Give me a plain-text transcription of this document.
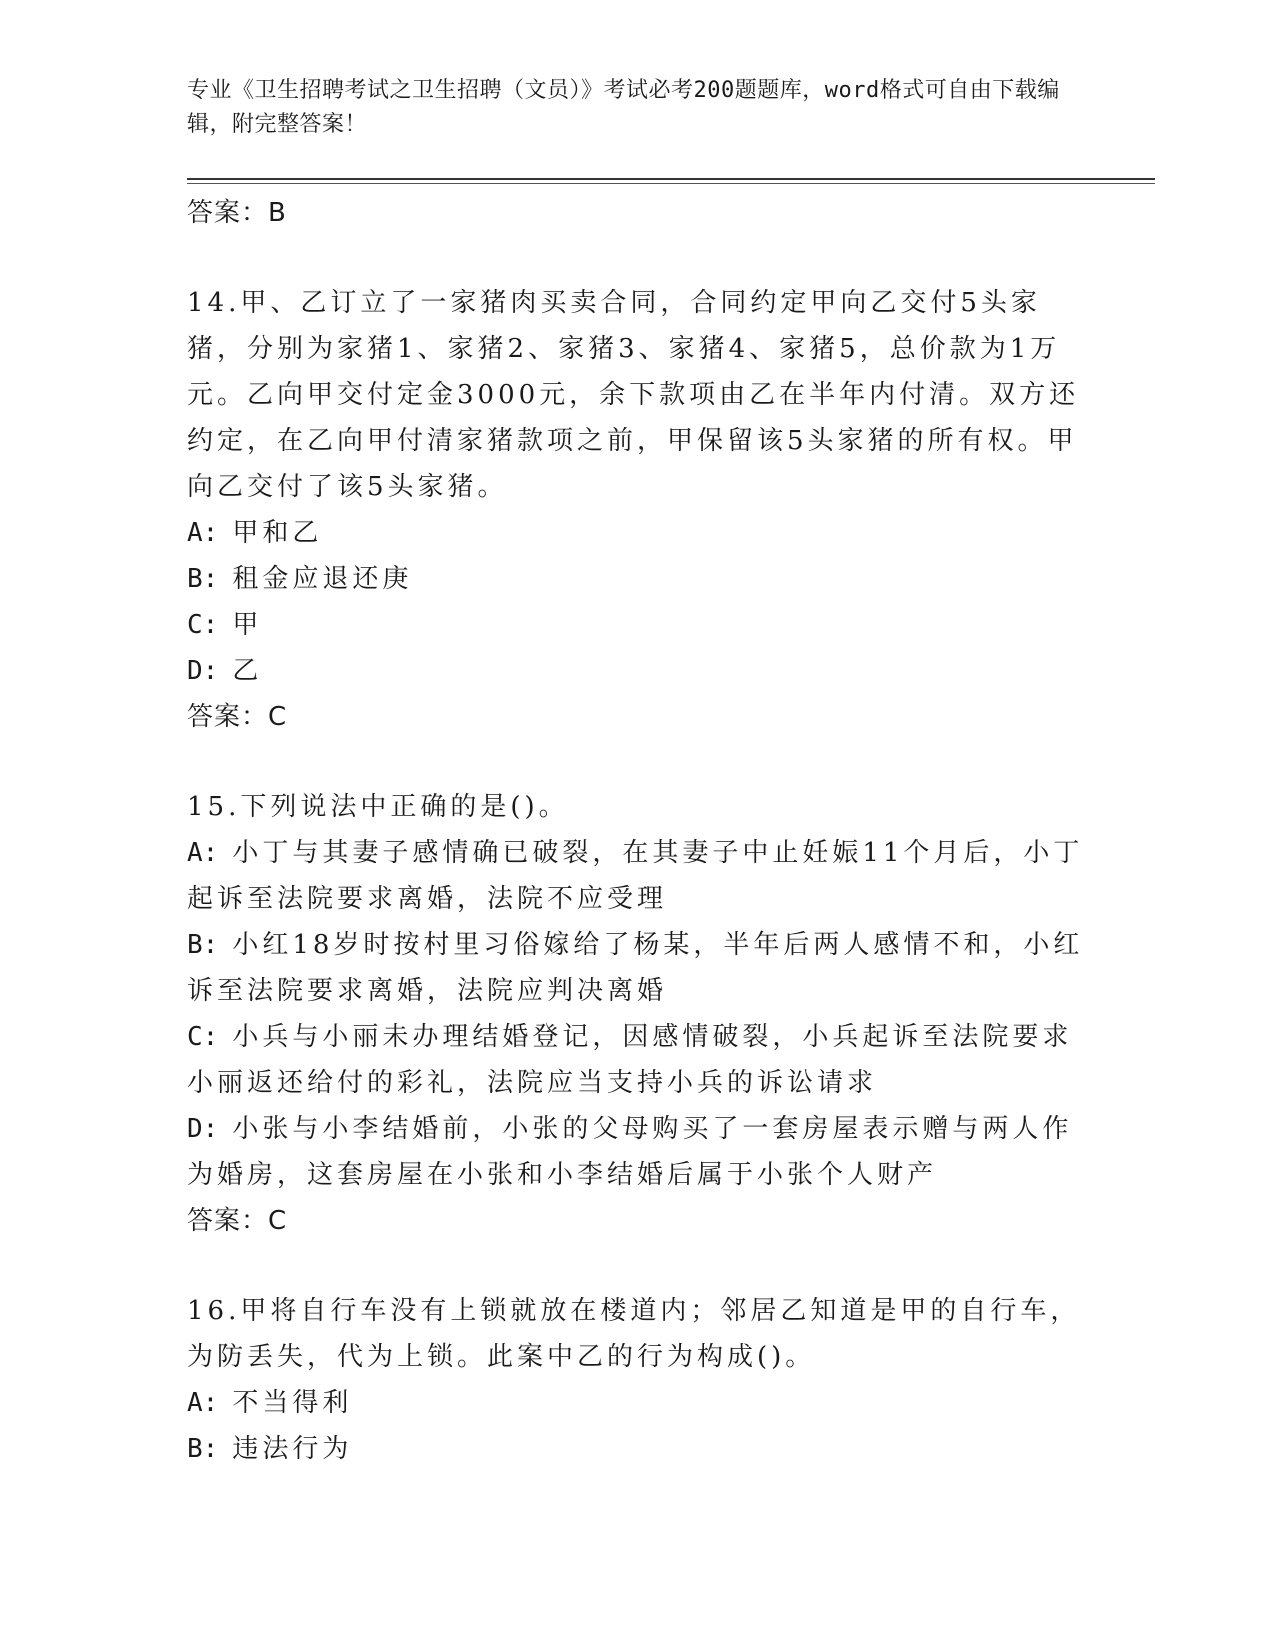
专业《卫生招聘考试之卫生招聘（文员）》考试必考200题题库，word格式可自由下载编辑，附完整答案！

答案：B

14.甲、乙订立了一家猪肉买卖合同，合同约定甲向乙交付5头家猪，分别为家猪1、家猪2、家猪3、家猪4、家猪5，总价款为1万元。乙向甲交付定金3000元，余下款项由乙在半年内付清。双方还约定，在乙向甲付清家猪款项之前，甲保留该5头家猪的所有权。甲向乙交付了该5头家猪。

A: 甲和乙

B: 租金应退还庚

C: 甲

D: 乙

答案：C

15.下列说法中正确的是()。

A: 小丁与其妻子感情确已破裂，在其妻子中止妊娠11个月后，小丁起诉至法院要求离婚，法院不应受理

B: 小红18岁时按村里习俗嫁给了杨某，半年后两人感情不和，小红诉至法院要求离婚，法院应判决离婚

C: 小兵与小丽未办理结婚登记，因感情破裂，小兵起诉至法院要求小丽返还给付的彩礼，法院应当支持小兵的诉讼请求

D: 小张与小李结婚前，小张的父母购买了一套房屋表示赠与两人作为婚房，这套房屋在小张和小李结婚后属于小张个人财产

答案：C

16.甲将自行车没有上锁就放在楼道内；邻居乙知道是甲的自行车，为防丢失，代为上锁。此案中乙的行为构成()。

A: 不当得利

B: 违法行为
